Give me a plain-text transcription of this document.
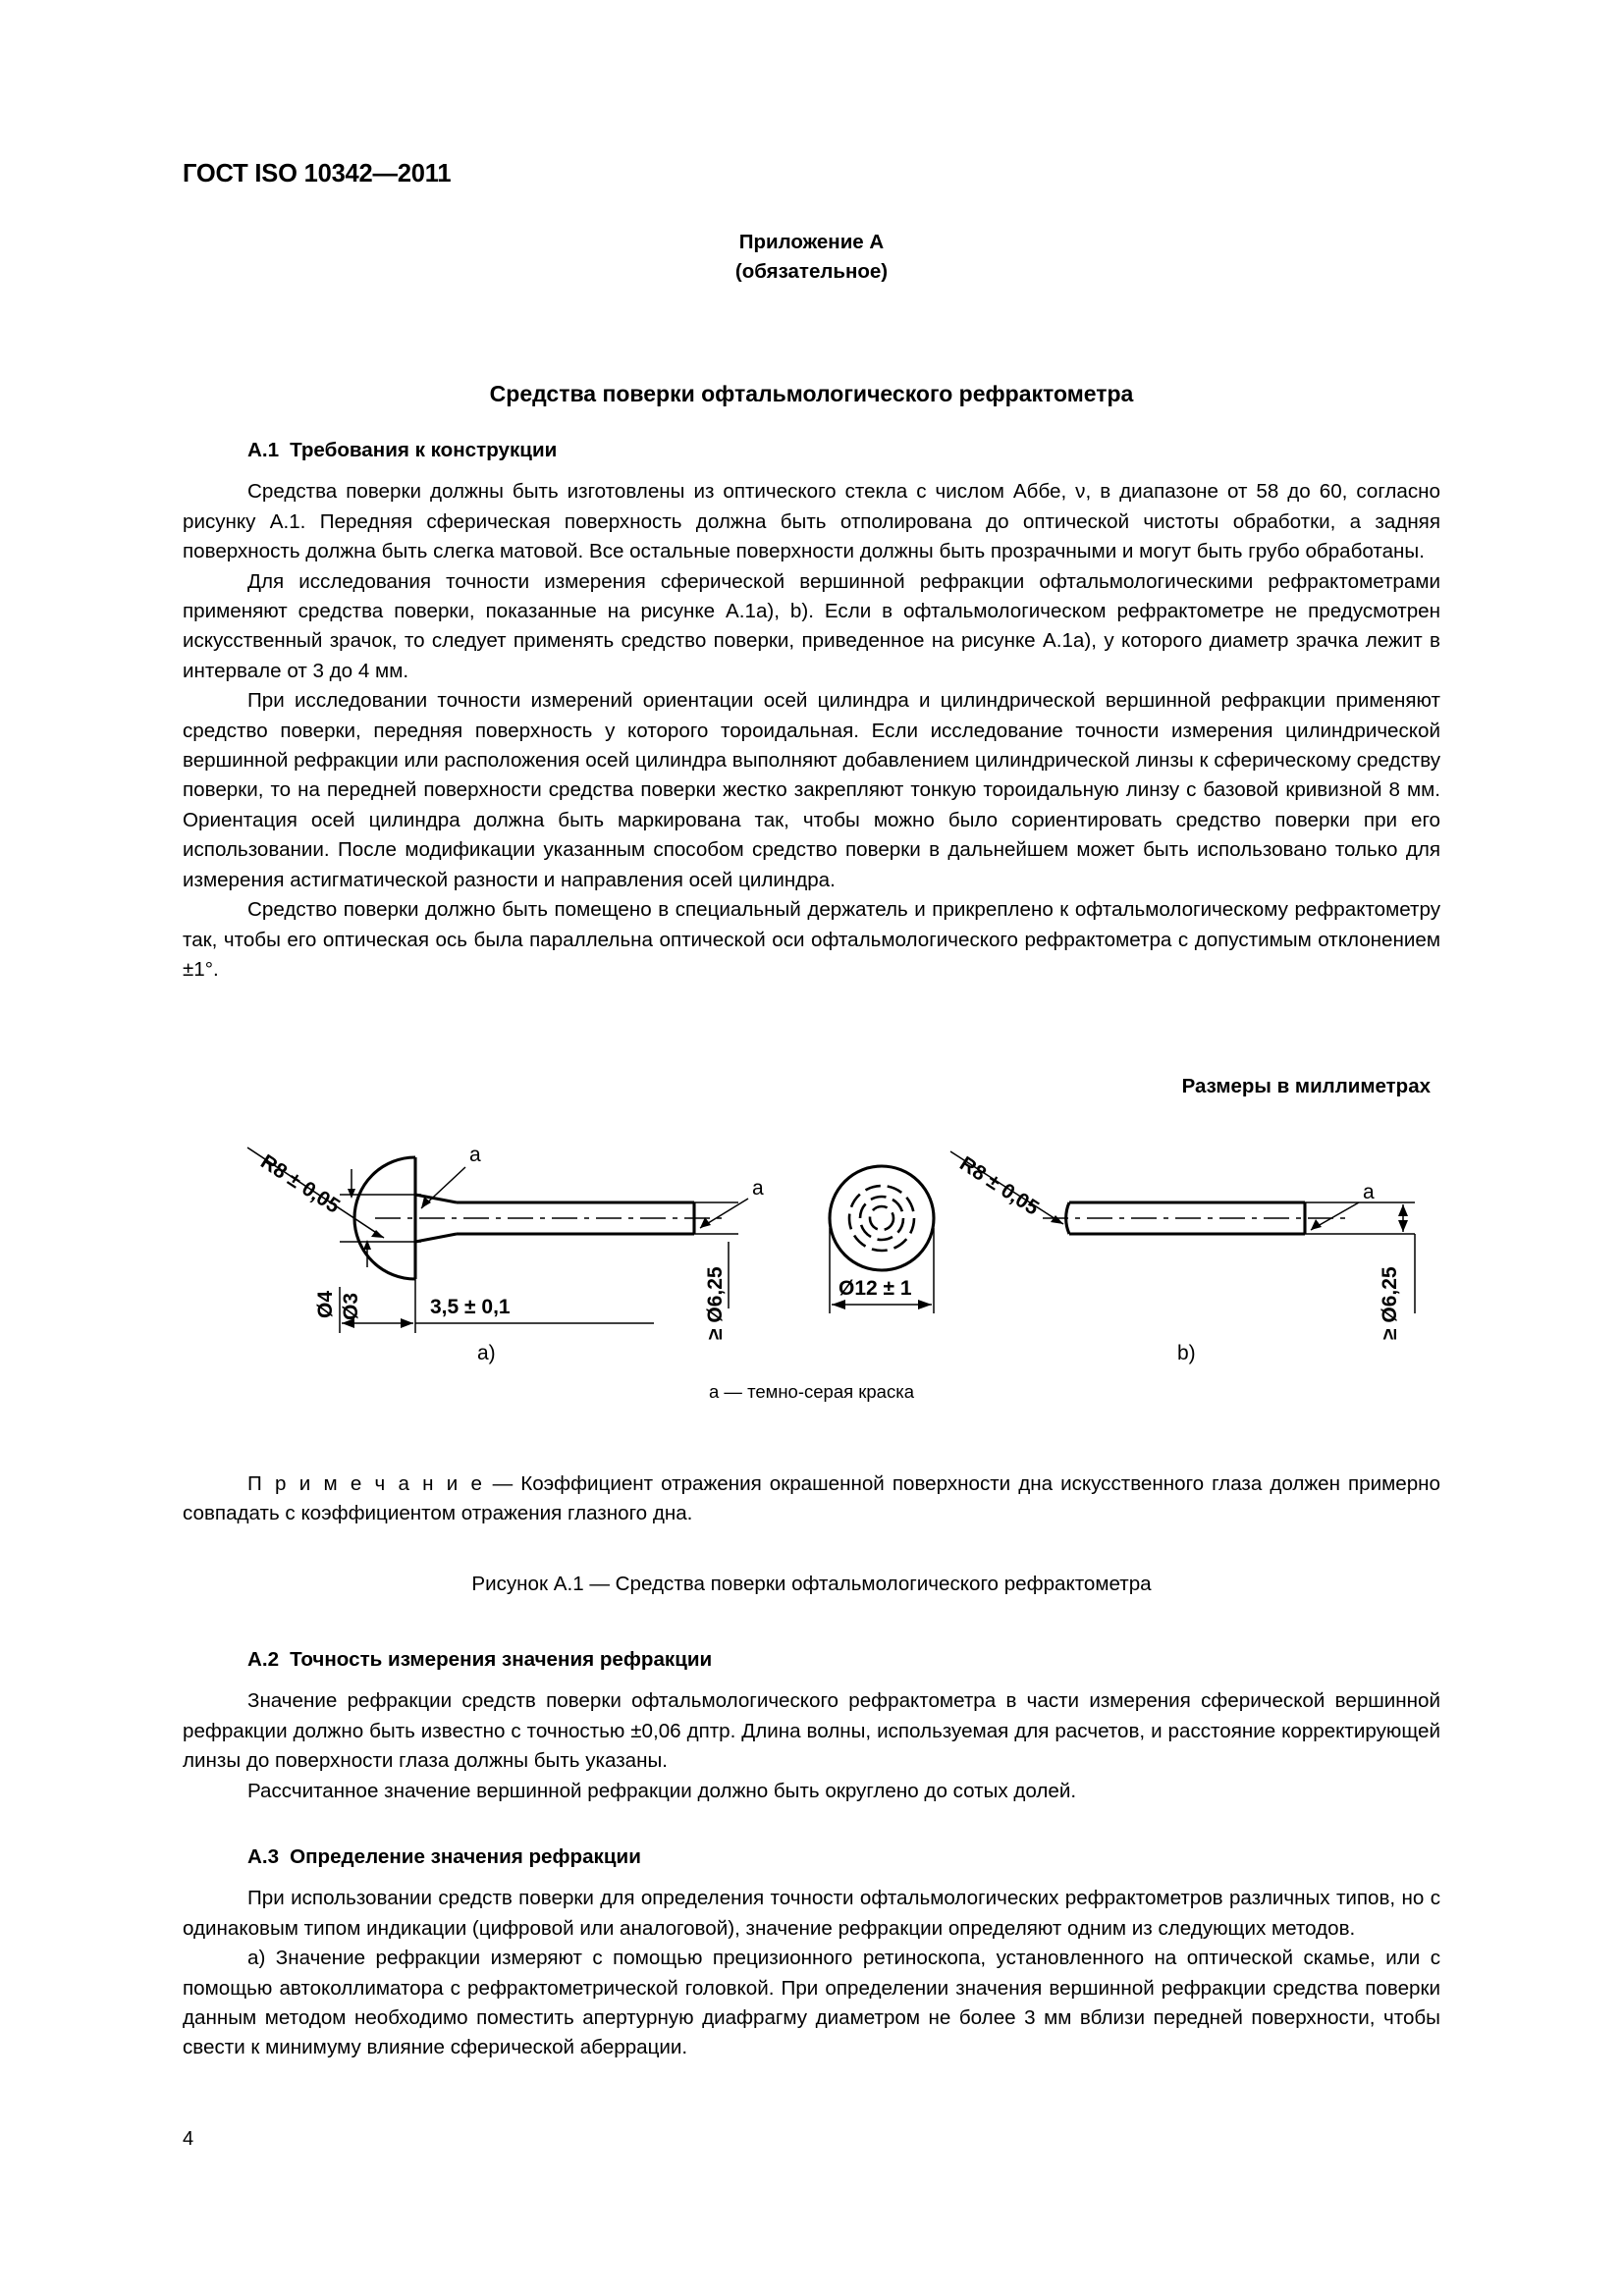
ГОСТ ISO 10342—2011
Приложение А
(обязательное)
Средства поверки офтальмологического рефрактометра
А.1 Требования к конструкции

Средства поверки должны быть изготовлены из оптического стекла с числом Аббе, ν, в диапазоне от 58 до 60, согласно рисунку А.1. Передняя сферическая поверхность должна быть отполирована до оптической чистоты обработки, а задняя поверхность должна быть слегка матовой. Все остальные поверхности должны быть прозрачными и могут быть грубо обработаны.

Для исследования точности измерения сферической вершинной рефракции офтальмологическими рефрактометрами применяют средства поверки, показанные на рисунке А.1a), b). Если в офтальмологическом рефрактометре не предусмотрен искусственный зрачок, то следует применять средство поверки, приведенное на рисунке А.1a), у которого диаметр зрачка лежит в интервале от 3 до 4 мм.

При исследовании точности измерений ориентации осей цилиндра и цилиндрической вершинной рефракции применяют средство поверки, передняя поверхность у которого тороидальная. Если исследование точности измерения цилиндрической вершинной рефракции или расположения осей цилиндра выполняют добавлением цилиндрической линзы к сферическому средству поверки, то на передней поверхности средства поверки жестко закрепляют тонкую тороидальную линзу с базовой кривизной 8 мм. Ориентация осей цилиндра должна быть маркирована так, чтобы можно было сориентировать средство поверки при его использовании. После модификации указанным способом средство поверки в дальнейшем может быть использовано только для измерения астигматической разности и направления осей цилиндра.

Средство поверки должно быть помещено в специальный держатель и прикреплено к офтальмологическому рефрактометру так, чтобы его оптическая ось была параллельна оптической оси офтальмологического рефрактометра с допустимым отклонением ±1°.

Размеры в миллиметрах
Ø4 Ø3
R8 ± 0,05	a
3,5 ± 0,1
a
≥ Ø6,25	Ø12 ± 1
R8 ± 0,05	a
≥ Ø6,25
a)	b)
a — темно-серая краска

П р и м е ч а н и е — Коэффициент отражения окрашенной поверхности дна искусственного глаза должен примерно совпадать с коэффициентом отражения глазного дна.

Рисунок А.1 — Средства поверки офтальмологического рефрактометра
А.2 Точность измерения значения рефракции

Значение рефракции средств поверки офтальмологического рефрактометра в части измерения сферической вершинной рефракции должно быть известно с точностью ±0,06 дптр. Длина волны, используемая для расчетов, и расстояние корректирующей линзы до поверхности глаза должны быть указаны.

Рассчитанное значение вершинной рефракции должно быть округлено до сотых долей.

А.3 Определение значения рефракции

При использовании средств поверки для определения точности офтальмологических рефрактометров различных типов, но с одинаковым типом индикации (цифровой или аналоговой), значение рефракции определяют одним из следующих методов.

a) Значение рефракции измеряют с помощью прецизионного ретиноскопа, установленного на оптической скамье, или с помощью автоколлиматора с рефрактометрической головкой. При определении значения вершинной рефракции средства поверки данным методом необходимо поместить апертурную диафрагму диаметром не более 3 мм вблизи передней поверхности, чтобы свести к минимуму влияние сферической аберрации.

4
